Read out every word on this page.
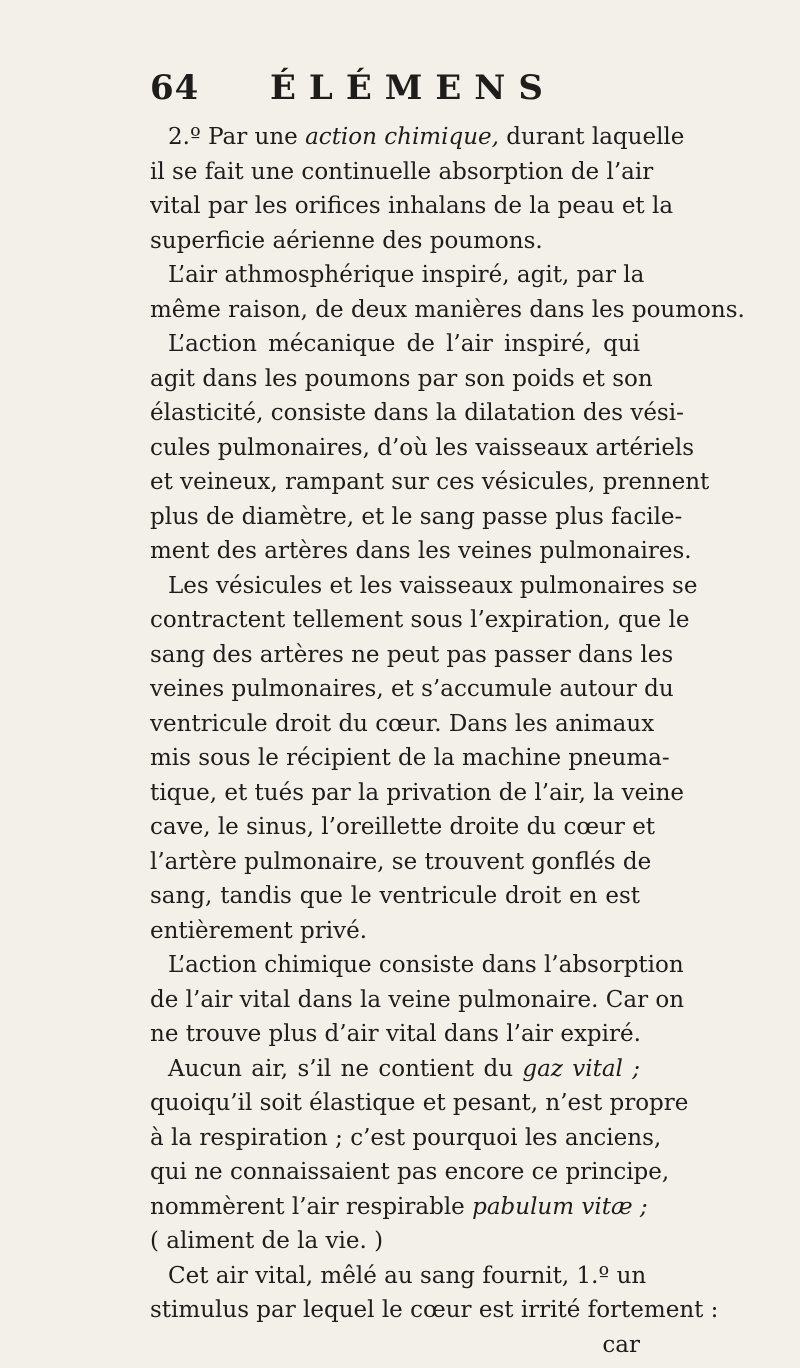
64 ÉLÉMENS
2.º Par une action chimique, durant laquelle
il se fait une continuelle absorption de l’air
vital par les orifices inhalans de la peau et la
superficie aérienne des poumons.
L’air athmosphérique inspiré, agit, par la
même raison, de deux manières dans les poumons.
L’action mécanique de l’air inspiré, qui
agit dans les poumons par son poids et son
élasticité, consiste dans la dilatation des vési-
cules pulmonaires, d’où les vaisseaux artériels
et veineux, rampant sur ces vésicules, prennent
plus de diamètre, et le sang passe plus facile-
ment des artères dans les veines pulmonaires.
Les vésicules et les vaisseaux pulmonaires se
contractent tellement sous l’expiration, que le
sang des artères ne peut pas passer dans les
veines pulmonaires, et s’accumule autour du
ventricule droit du cœur. Dans les animaux
mis sous le récipient de la machine pneuma-
tique, et tués par la privation de l’air, la veine
cave, le sinus, l’oreillette droite du cœur et
l’artère pulmonaire, se trouvent gonflés de
sang, tandis que le ventricule droit en est
entièrement privé.
L’action chimique consiste dans l’absorption
de l’air vital dans la veine pulmonaire. Car on
ne trouve plus d’air vital dans l’air expiré.
Aucun air, s’il ne contient du gaz vital ;
quoiqu’il soit élastique et pesant, n’est propre
à la respiration ; c’est pourquoi les anciens,
qui ne connaissaient pas encore ce principe,
nommèrent l’air respirable pabulum vitæ ;
( aliment de la vie. )
Cet air vital, mêlé au sang fournit, 1.º un
stimulus par lequel le cœur est irrité fortement :
car
